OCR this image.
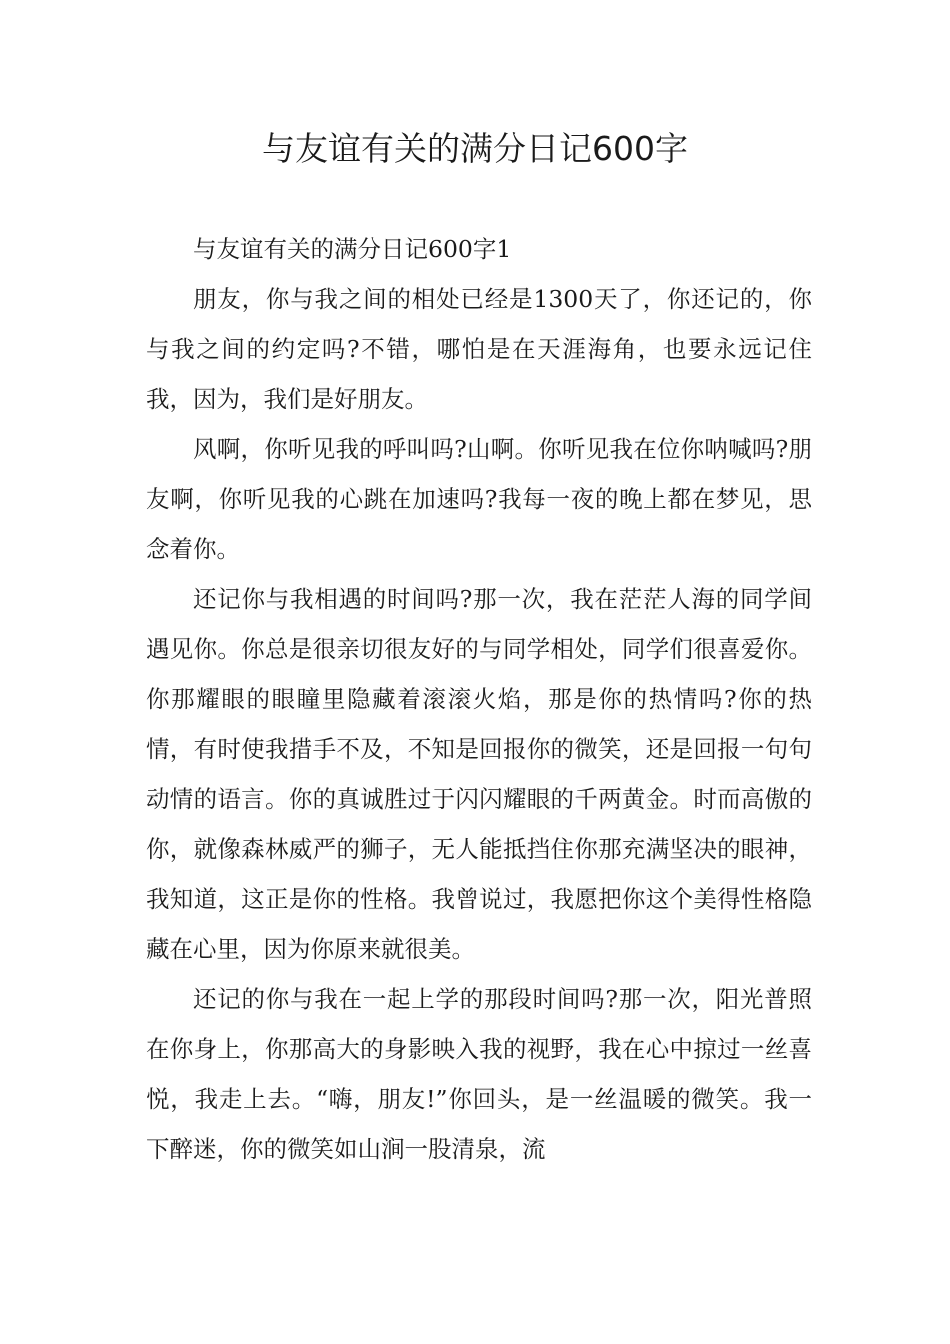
与友谊有关的满分日记600字

与友谊有关的满分日记600字1

朋友，你与我之间的相处已经是1300天了，你还记的，你与我之间的约定吗?不错，哪怕是在天涯海角，也要永远记住我，因为，我们是好朋友。

风啊，你听见我的呼叫吗?山啊。你听见我在位你呐喊吗?朋友啊，你听见我的心跳在加速吗?我每一夜的晚上都在梦见，思念着你。

还记你与我相遇的时间吗?那一次，我在茫茫人海的同学间遇见你。你总是很亲切很友好的与同学相处，同学们很喜爱你。你那耀眼的眼瞳里隐藏着滚滚火焰，那是你的热情吗?你的热情，有时使我措手不及，不知是回报你的微笑，还是回报一句句动情的语言。你的真诚胜过于闪闪耀眼的千两黄金。时而高傲的你，就像森林威严的狮子，无人能抵挡住你那充满坚决的眼神，我知道，这正是你的性格。我曾说过，我愿把你这个美得性格隐藏在心里，因为你原来就很美。

还记的你与我在一起上学的那段时间吗?那一次，阳光普照在你身上，你那高大的身影映入我的视野，我在心中掠过一丝喜悦，我走上去。“嗨，朋友!”你回头，是一丝温暖的微笑。我一下醉迷，你的微笑如山涧一股清泉，流
